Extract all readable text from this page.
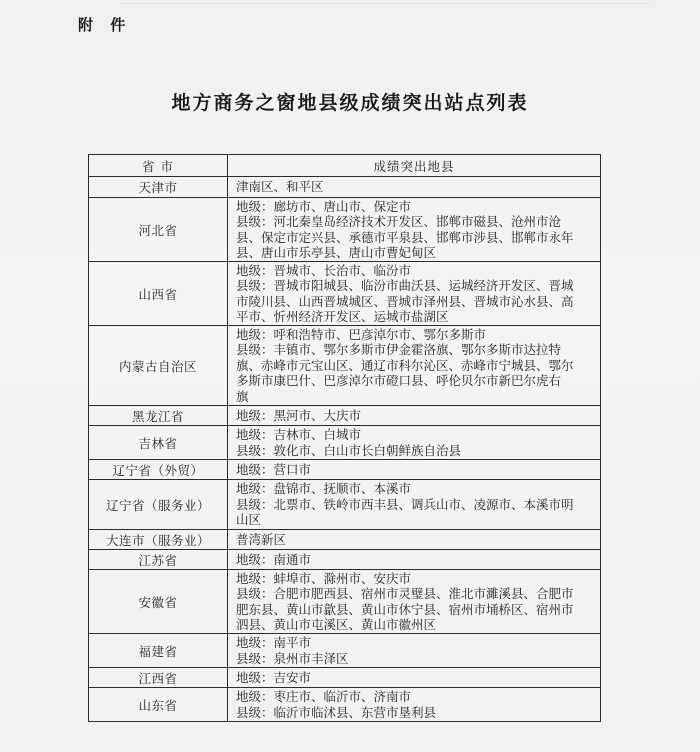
附 件
地方商务之窗地县级成绩突出站点列表
省 市	成绩突出地县
天津市	津南区、和平区

河北省	地级：廊坊市、唐山市、保定市
县级：河北秦皇岛经济技术开发区、邯郸市磁县、沧州市沧
县、保定市定兴县、承德市平泉县、邯郸市涉县、邯郸市永年
县、唐山市乐亭县、唐山市曹妃甸区

山西省	地级：晋城市、长治市、临汾市
县级：晋城市阳城县、临汾市曲沃县、运城经济开发区、晋城
市陵川县、山西晋城城区、晋城市泽州县、晋城市沁水县、高
平市、忻州经济开发区、运城市盐湖区

内蒙古自治区	地级：呼和浩特市、巴彦淖尔市、鄂尔多斯市
县级：丰镇市、鄂尔多斯市伊金霍洛旗、鄂尔多斯市达拉特
旗、赤峰市元宝山区、通辽市科尔沁区、赤峰市宁城县、鄂尔
多斯市康巴什、巴彦淖尔市磴口县、呼伦贝尔市新巴尔虎右
旗

黑龙江省	地级：黑河市、大庆市

吉林省	地级：吉林市、白城市
县级：敦化市、白山市长白朝鲜族自治县

辽宁省（外贸）	地级：营口市

辽宁省（服务业）	地级：盘锦市、抚顺市、本溪市
县级：北票市、铁岭市西丰县、调兵山市、凌源市、本溪市明
山区

大连市（服务业）	普湾新区

江苏省	地级：南通市

安徽省	地级：蚌埠市、滁州市、安庆市
县级：合肥市肥西县、宿州市灵璧县、淮北市濉溪县、合肥市
肥东县、黄山市歙县、黄山市休宁县、宿州市埇桥区、宿州市
泗县、黄山市屯溪区、黄山市徽州区

福建省	地级：南平市
县级：泉州市丰泽区

江西省	地级：吉安市

山东省	地级：枣庄市、临沂市、济南市
县级：临沂市临沭县、东营市垦利县
